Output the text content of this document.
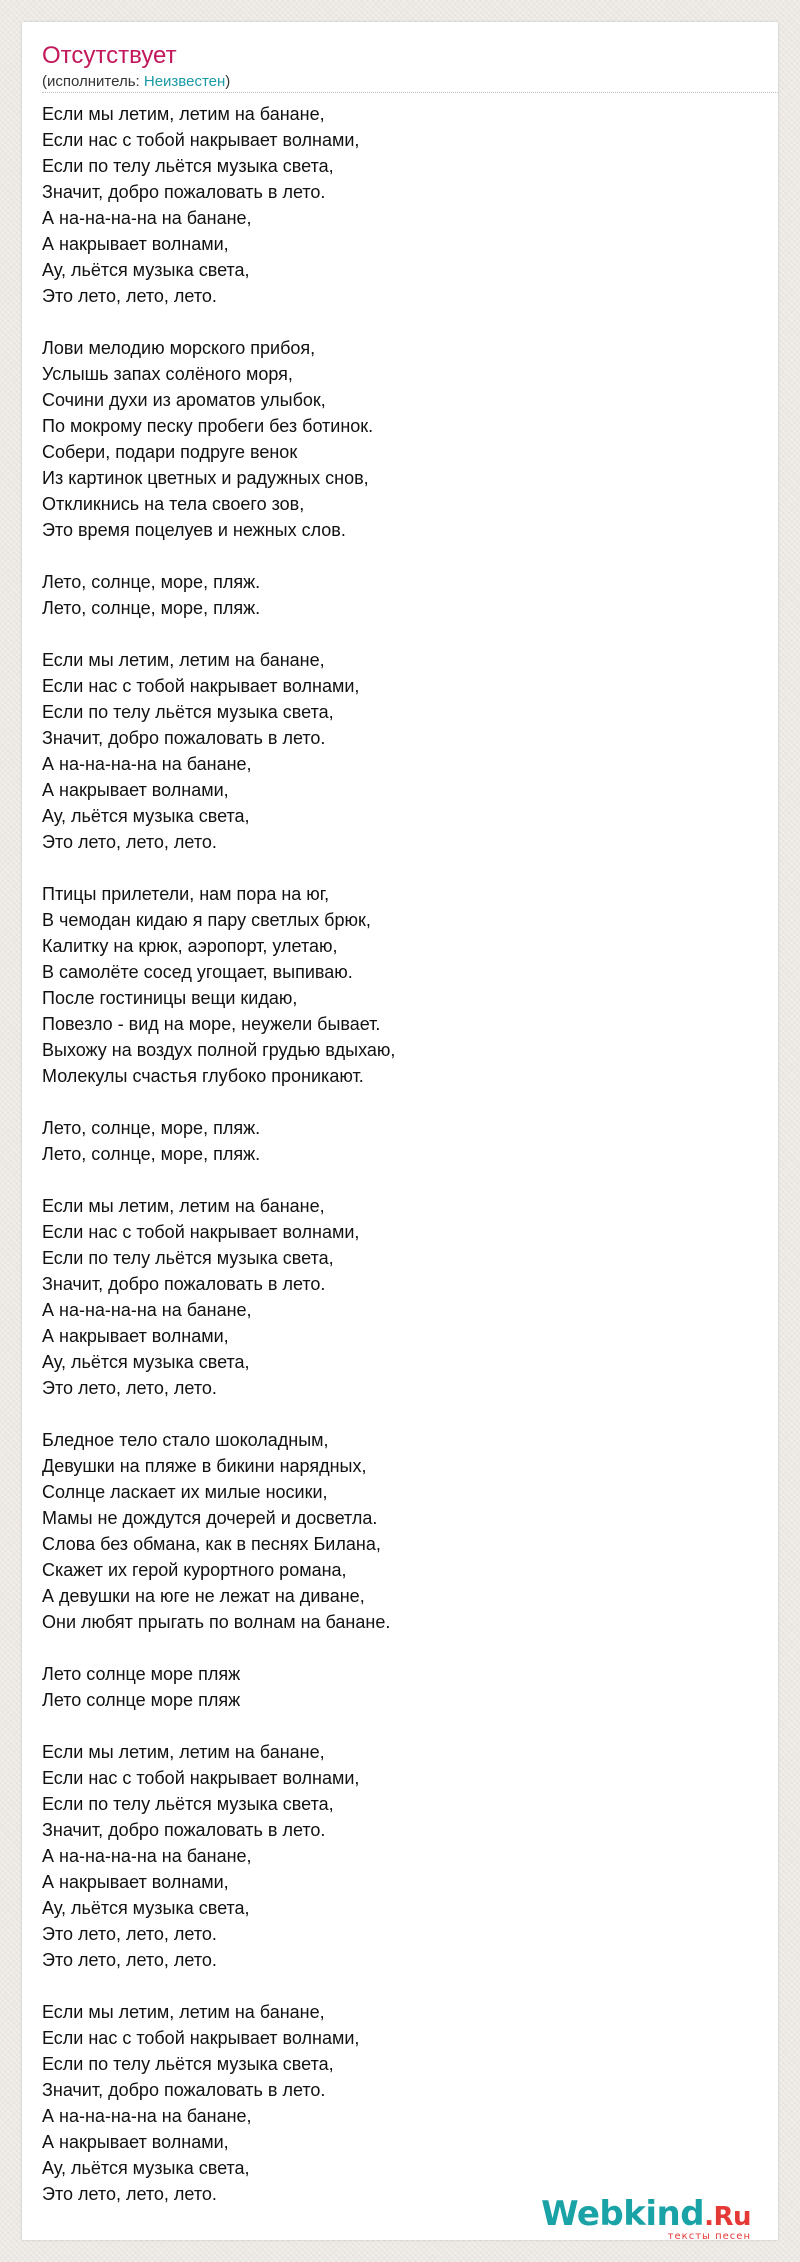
Отсутствует
(исполнитель: Неизвестен)
Если мы летим, летим на банане,
Если нас с тобой накрывает волнами,
Если по телу льётся музыка света,
Значит, добро пожаловать в лето.
А на-на-на-на на банане,
А накрывает волнами,
Ау, льётся музыка света,
Это лето, лето, лето.
Лови мелодию морского прибоя,
Услышь запах солёного моря,
Сочини духи из ароматов улыбок,
По мокрому песку пробеги без ботинок.
Собери, подари подруге венок
Из картинок цветных и радужных снов,
Откликнись на тела своего зов,
Это время поцелуев и нежных слов.
Лето, солнце, море, пляж.
Лето, солнце, море, пляж.
Если мы летим, летим на банане,
Если нас с тобой накрывает волнами,
Если по телу льётся музыка света,
Значит, добро пожаловать в лето.
А на-на-на-на на банане,
А накрывает волнами,
Ау, льётся музыка света,
Это лето, лето, лето.
Птицы прилетели, нам пора на юг,
В чемодан кидаю я пару светлых брюк,
Калитку на крюк, аэропорт, улетаю,
В самолёте сосед угощает, выпиваю.
После гостиницы вещи кидаю,
Повезло - вид на море, неужели бывает.
Выхожу на воздух полной грудью вдыхаю,
Молекулы счастья глубоко проникают.
Лето, солнце, море, пляж.
Лето, солнце, море, пляж.
Если мы летим, летим на банане,
Если нас с тобой накрывает волнами,
Если по телу льётся музыка света,
Значит, добро пожаловать в лето.
А на-на-на-на на банане,
А накрывает волнами,
Ау, льётся музыка света,
Это лето, лето, лето.
Бледное тело стало шоколадным,
Девушки на пляже в бикини нарядных,
Солнце ласкает их милые носики,
Мамы не дождутся дочерей и досветла.
Слова без обмана, как в песнях Билана,
Скажет их герой курортного романа,
А девушки на юге не лежат на диване,
Они любят прыгать по волнам на банане.
Лето солнце море пляж
Лето солнце море пляж
Если мы летим, летим на банане,
Если нас с тобой накрывает волнами,
Если по телу льётся музыка света,
Значит, добро пожаловать в лето.
А на-на-на-на на банане,
А накрывает волнами,
Ау, льётся музыка света,
Это лето, лето, лето.
Это лето, лето, лето.
Если мы летим, летим на банане,
Если нас с тобой накрывает волнами,
Если по телу льётся музыка света,
Значит, добро пожаловать в лето.
А на-на-на-на на банане,
А накрывает волнами,
Ау, льётся музыка света,
Это лето, лето, лето.	Webkind.Ru
тексты песен
